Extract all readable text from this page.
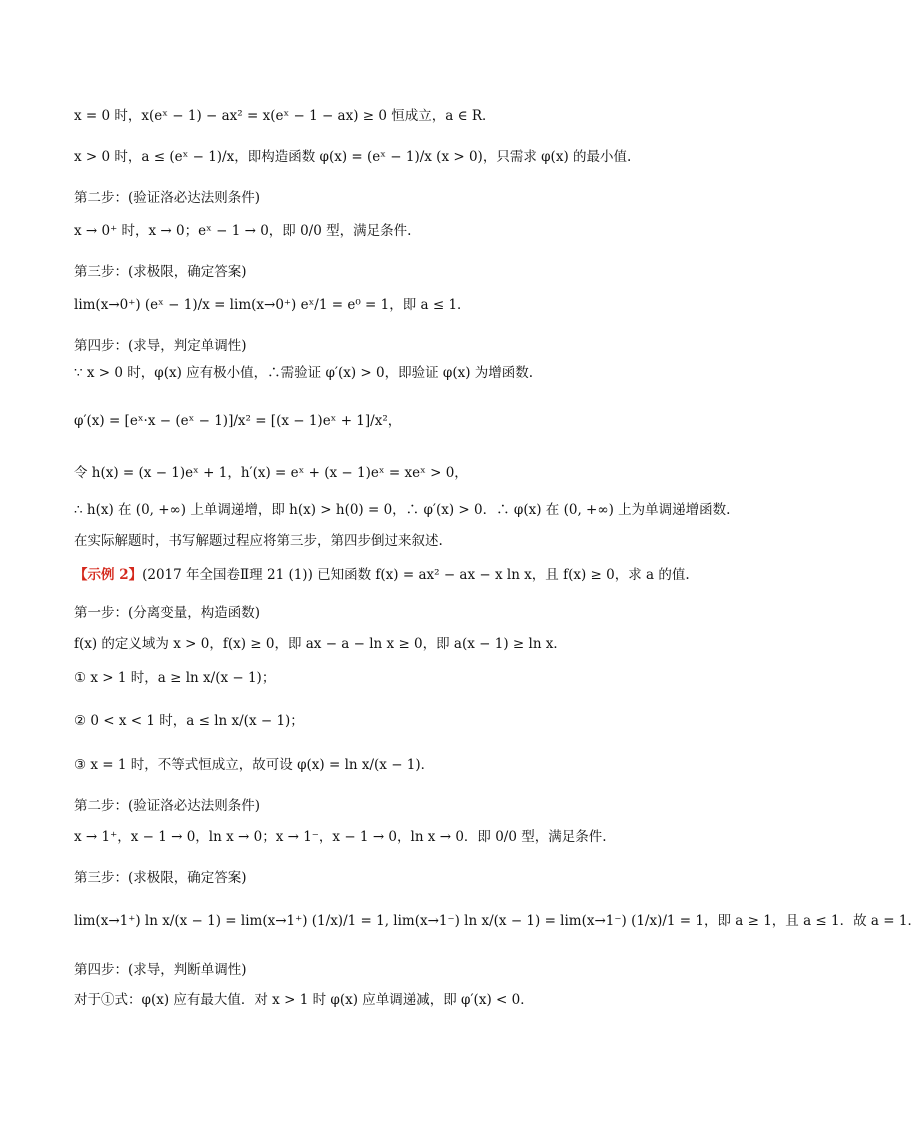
x = 0 时，x(eˣ − 1) − ax² = x(eˣ − 1 − ax) ≥ 0 恒成立，a ∈ R．
x > 0 时，a ≤ (eˣ − 1)/x，即构造函数 φ(x) = (eˣ − 1)/x (x > 0)，只需求 φ(x) 的最小值.
第二步：(验证洛必达法则条件)
x → 0⁺ 时，x → 0；eˣ − 1 → 0，即 0/0 型，满足条件.
第三步：(求极限，确定答案)
lim(x→0⁺) (eˣ − 1)/x = lim(x→0⁺) eˣ/1 = e⁰ = 1，即 a ≤ 1．
第四步：(求导，判定单调性)
∵ x > 0 时，φ(x) 应有极小值，∴需验证 φ′(x) > 0，即验证 φ(x) 为增函数.
φ′(x) = [eˣ·x − (eˣ − 1)]/x² = [(x − 1)eˣ + 1]/x²，
令 h(x) = (x − 1)eˣ + 1，h′(x) = eˣ + (x − 1)eˣ = xeˣ > 0，
∴ h(x) 在 (0, +∞) 上单调递增，即 h(x) > h(0) = 0，∴ φ′(x) > 0．∴ φ(x) 在 (0, +∞) 上为单调递增函数.
在实际解题时，书写解题过程应将第三步，第四步倒过来叙述.
【示例 2】(2017 年全国卷Ⅱ理 21 (1)) 已知函数 f(x) = ax² − ax − x ln x，且 f(x) ≥ 0，求 a 的值.
第一步：(分离变量，构造函数)
f(x) 的定义域为 x > 0，f(x) ≥ 0，即 ax − a − ln x ≥ 0，即 a(x − 1) ≥ ln x．
① x > 1 时，a ≥ ln x/(x − 1)；
② 0 < x < 1 时，a ≤ ln x/(x − 1)；
③ x = 1 时，不等式恒成立，故可设 φ(x) = ln x/(x − 1)．
第二步：(验证洛必达法则条件)
x → 1⁺，x − 1 → 0，ln x → 0；x → 1⁻，x − 1 → 0，ln x → 0．即 0/0 型，满足条件.
第三步：(求极限，确定答案)
lim(x→1⁺) ln x/(x − 1) = lim(x→1⁺) (1/x)/1 = 1, lim(x→1⁻) ln x/(x − 1) = lim(x→1⁻) (1/x)/1 = 1，即 a ≥ 1，且 a ≤ 1．故 a = 1．
第四步：(求导，判断单调性)
对于①式：φ(x) 应有最大值．对 x > 1 时 φ(x) 应单调递减，即 φ′(x) < 0．
